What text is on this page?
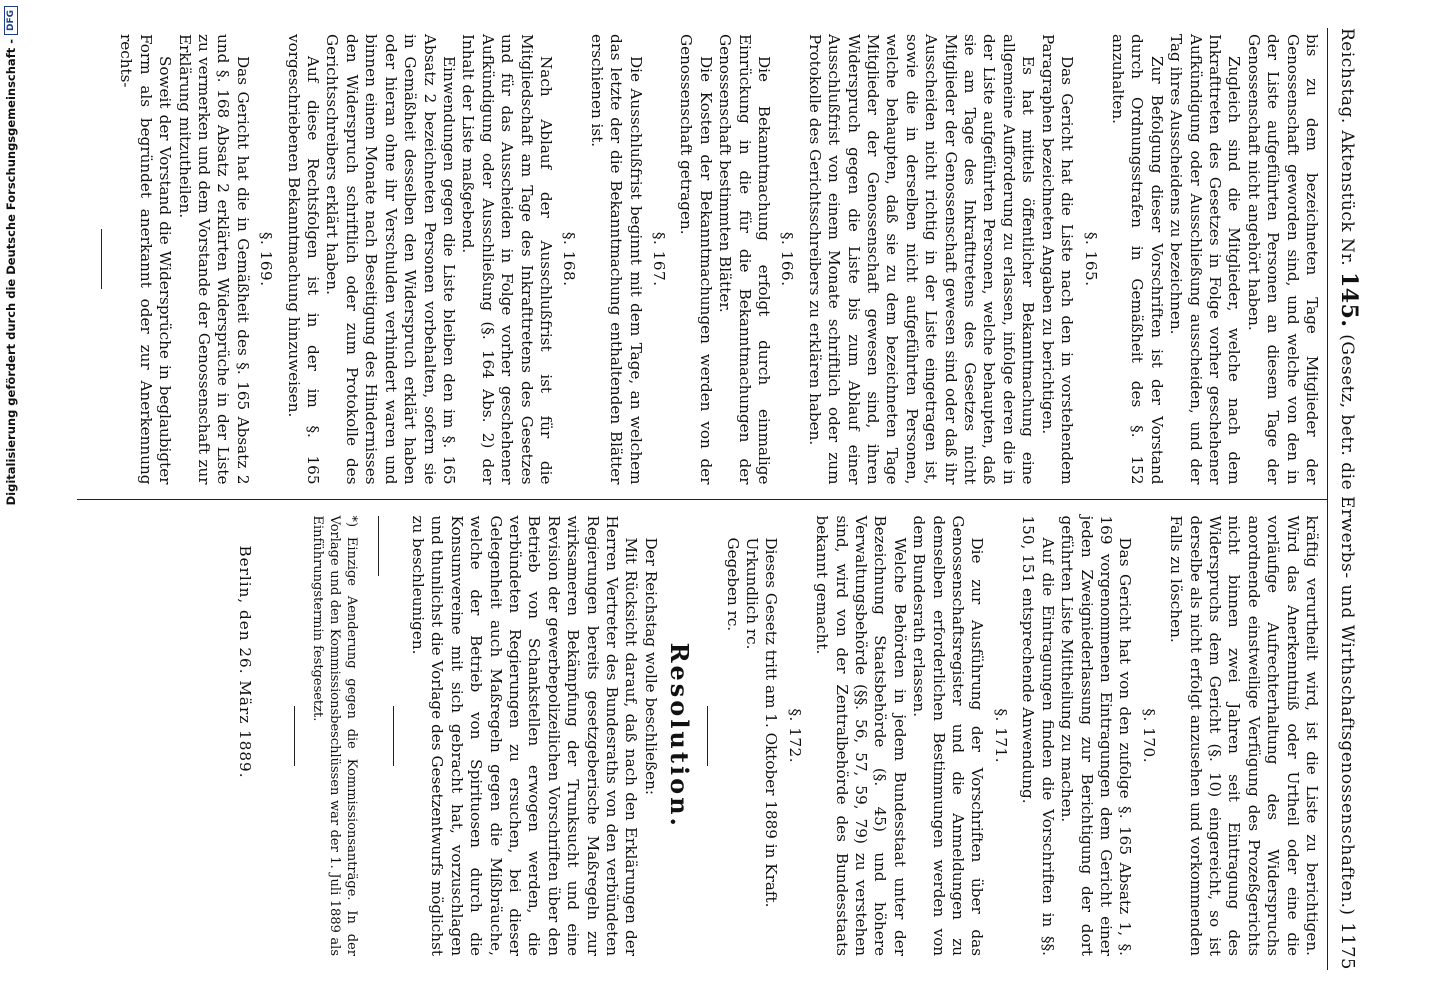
Reichstag.
Aktenstück Nr. 145.
(Gesetz, betr. die Erwerbs- und Wirthschaftsgenossenschaften.)
1175

bis zu dem bezeichneten Tage Mitglieder der Genossenschaft geworden sind, und welche von den in der Liste aufgeführten Personen an diesem Tage der Genossenschaft nicht angehört haben.

Zugleich sind die Mitglieder, welche nach dem Inkrafttreten des Gesetzes in Folge vorher geschehener Aufkündigung oder Ausschließung ausscheiden, und der Tag ihres Ausscheidens zu bezeichnen.

Zur Befolgung dieser Vorschriften ist der Vorstand durch Ordnungsstrafen in Gemäßheit des §. 152 anzuhalten.

§. 165.

Das Gericht hat die Liste nach den in vorstehendem Paragraphen bezeichneten Angaben zu berichtigen.

Es hat mittels öffentlicher Bekanntmachung eine allgemeine Aufforderung zu erlassen, infolge deren die in der Liste aufgeführten Personen, welche behaupten, daß sie am Tage des Inkrafttretens des Gesetzes nicht Mitglieder der Genossenschaft gewesen sind oder daß ihr Ausscheiden nicht richtig in der Liste eingetragen ist, sowie die in derselben nicht aufgeführten Personen, welche behaupten, daß sie zu dem bezeichneten Tage Mitglieder der Genossenschaft gewesen sind, ihren Widerspruch gegen die Liste bis zum Ablauf einer Ausschlußfrist von einem Monate schriftlich oder zum Protokolle des Gerichtsschreibers zu erklären haben.

§. 166.

Die Bekanntmachung erfolgt durch einmalige Einrückung in die für die Bekanntmachungen der Genossenschaft bestimmten Blätter.

Die Kosten der Bekanntmachungen werden von der Genossenschaft getragen.

§. 167.

Die Ausschlußfrist beginnt mit dem Tage, an welchem das letzte der die Bekanntmachung enthaltenden Blätter erschienen ist.

§. 168.

Nach Ablauf der Ausschlußfrist ist für die Mitgliedschaft am Tage des Inkrafttretens des Gesetzes und für das Ausscheiden in Folge vorher geschehener Aufkündigung oder Ausschließung (§. 164 Abs. 2) der Inhalt der Liste maßgebend.

Einwendungen gegen die Liste bleiben den im §. 165 Absatz 2 bezeichneten Personen vorbehalten, sofern sie in Gemäßheit desselben den Widerspruch erklärt haben oder hieran ohne ihr Verschulden verhindert waren und binnen einem Monate nach Beseitigung des Hindernisses den Widerspruch schriftlich oder zum Protokolle des Gerichtsschreibers erklärt haben.

Auf diese Rechtsfolgen ist in der im §. 165 vorgeschriebenen Bekanntmachung hinzuweisen.

§. 169.

Das Gericht hat die in Gemäßheit des §. 165 Absatz 2 und §. 168 Absatz 2 erklärten Widersprüche in der Liste zu vermerken und dem Vorstande der Genossenschaft zur Erklärung mitzutheilen.

Soweit der Vorstand die Widersprüche in beglaubigter Form als begründet anerkannt oder zur Anerkennung rechts-

kräftig verurtheilt wird, ist die Liste zu berichtigen. Wird das Anerkenntniß oder Urtheil oder eine die vorläufige Aufrechterhaltung des Widerspruchs anordnende einstweilige Verfügung des Prozeßgerichts nicht binnen zwei Jahren seit Eintragung des Widerspruchs dem Gericht (§. 10) eingereicht, so ist derselbe als nicht erfolgt anzusehen und vorkommenden Falls zu löschen.

§. 170.

Das Gericht hat von den zufolge §. 165 Absatz 1, §. 169 vorgenommenen Eintragungen dem Gericht einer jeden Zweigniederlassung zur Berichtigung der dort geführten Liste Mittheilung zu machen.

Auf die Eintragungen finden die Vorschriften in §§. 150, 151 entsprechende Anwendung.

§. 171.

Die zur Ausführung der Vorschriften über das Genossenschaftsregister und die Anmeldungen zu demselben erforderlichen Bestimmungen werden von dem Bundesrath erlassen.

Welche Behörden in jedem Bundesstaat unter der Bezeichnung Staatsbehörde (§. 45) und höhere Verwaltungsbehörde (§§. 56, 57, 59, 79) zu verstehen sind, wird von der Zentralbehörde des Bundesstaats bekannt gemacht.

§. 172.

Dieses Gesetz tritt am 1. Oktober 1889 in Kraft.

Urkundlich rc.

Gegeben rc.

Resolution.

Der Reichstag wolle beschließen:

Mit Rücksicht darauf, daß nach den Erklärungen der Herren Vertreter des Bundesraths von den verbündeten Regierungen bereits gesetzgeberische Maßregeln zur wirksameren Bekämpfung der Trunksucht und eine Revision der gewerbepolizeilichen Vorschriften über den Betrieb von Schankstellen erwogen werden, die verbündeten Regierungen zu ersuchen, bei dieser Gelegenheit auch Maßregeln gegen die Mißbräuche, welche der Betrieb von Spirituosen durch die Konsumvereine mit sich gebracht hat, vorzuschlagen und thunlichst die Vorlage des Gesetzentwurfs möglichst zu beschleunigen.

*) Einzige Aenderung gegen die Kommissionsanträge. In der Vorlage und den Kommissionsbeschlüssen war der 1. Juli 1889 als Einführungstermin festgesetzt.

Berlin, den 26. März 1889.

Digitalisierung gefördert durch die Deutsche Forschungsgemeinschaft -
DFG
